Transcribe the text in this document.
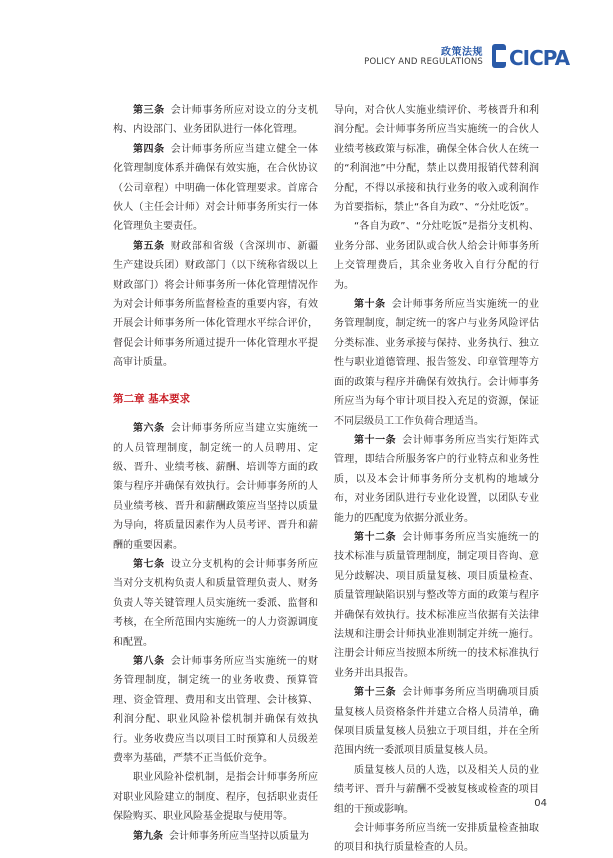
政策法规
POLICY AND REGULATIONS CICPA

第三条 会计师事务所应对设立的分支机构、内设部门、业务团队进行一体化管理。

第四条 会计师事务所应当建立健全一体化管理制度体系并确保有效实施，在合伙协议（公司章程）中明确一体化管理要求。首席合伙人（主任会计师）对会计师事务所实行一体化管理负主要责任。

第五条 财政部和省级（含深圳市、新疆生产建设兵团）财政部门（以下统称省级以上财政部门）将会计师事务所一体化管理情况作为对会计师事务所监督检查的重要内容，有效开展会计师事务所一体化管理水平综合评价，督促会计师事务所通过提升一体化管理水平提高审计质量。

第二章 基本要求

第六条 会计师事务所应当建立实施统一的人员管理制度，制定统一的人员聘用、定级、晋升、业绩考核、薪酬、培训等方面的政策与程序并确保有效执行。会计师事务所的人员业绩考核、晋升和薪酬政策应当坚持以质量为导向，将质量因素作为人员考评、晋升和薪酬的重要因素。

第七条 设立分支机构的会计师事务所应当对分支机构负责人和质量管理负责人、财务负责人等关键管理人员实施统一委派、监督和考核，在全所范围内实施统一的人力资源调度和配置。

第八条 会计师事务所应当实施统一的财务管理制度，制定统一的业务收费、预算管理、资金管理、费用和支出管理、会计核算、利润分配、职业风险补偿机制并确保有效执行。业务收费应当以项目工时预算和人员级差费率为基础，严禁不正当低价竞争。

职业风险补偿机制，是指会计师事务所应对职业风险建立的制度、程序，包括职业责任保险购买、职业风险基金提取与使用等。

第九条 会计师事务所应当坚持以质量为

导向，对合伙人实施业绩评价、考核晋升和利润分配。会计师事务所应当实施统一的合伙人业绩考核政策与标准，确保全体合伙人在统一的“利润池”中分配，禁止以费用报销代替利润分配，不得以承接和执行业务的收入或利润作为首要指标，禁止“各自为政”、“分灶吃饭”。

“各自为政”、“分灶吃饭”是指分支机构、业务分部、业务团队或合伙人给会计师事务所上交管理费后，其余业务收入自行分配的行为。

第十条 会计师事务所应当实施统一的业务管理制度，制定统一的客户与业务风险评估分类标准、业务承接与保持、业务执行、独立性与职业道德管理、报告签发、印章管理等方面的政策与程序并确保有效执行。会计师事务所应当为每个审计项目投入充足的资源，保证不同层级员工工作负荷合理适当。

第十一条 会计师事务所应当实行矩阵式管理，即结合所服务客户的行业特点和业务性质，以及本会计师事务所分支机构的地域分布，对业务团队进行专业化设置，以团队专业能力的匹配度为依据分派业务。

第十二条 会计师事务所应当实施统一的技术标准与质量管理制度，制定项目咨询、意见分歧解决、项目质量复核、项目质量检查、质量管理缺陷识别与整改等方面的政策与程序并确保有效执行。技术标准应当依据有关法律法规和注册会计师执业准则制定并统一施行。注册会计师应当按照本所统一的技术标准执行业务并出具报告。

第十三条 会计师事务所应当明确项目质量复核人员资格条件并建立合格人员清单，确保项目质量复核人员独立于项目组，并在全所范围内统一委派项目质量复核人员。

质量复核人员的人选，以及相关人员的业绩考评、晋升与薪酬不受被复核或检查的项目组的干预或影响。

会计师事务所应当统一安排质量检查抽取的项目和执行质量检查的人员。

04
